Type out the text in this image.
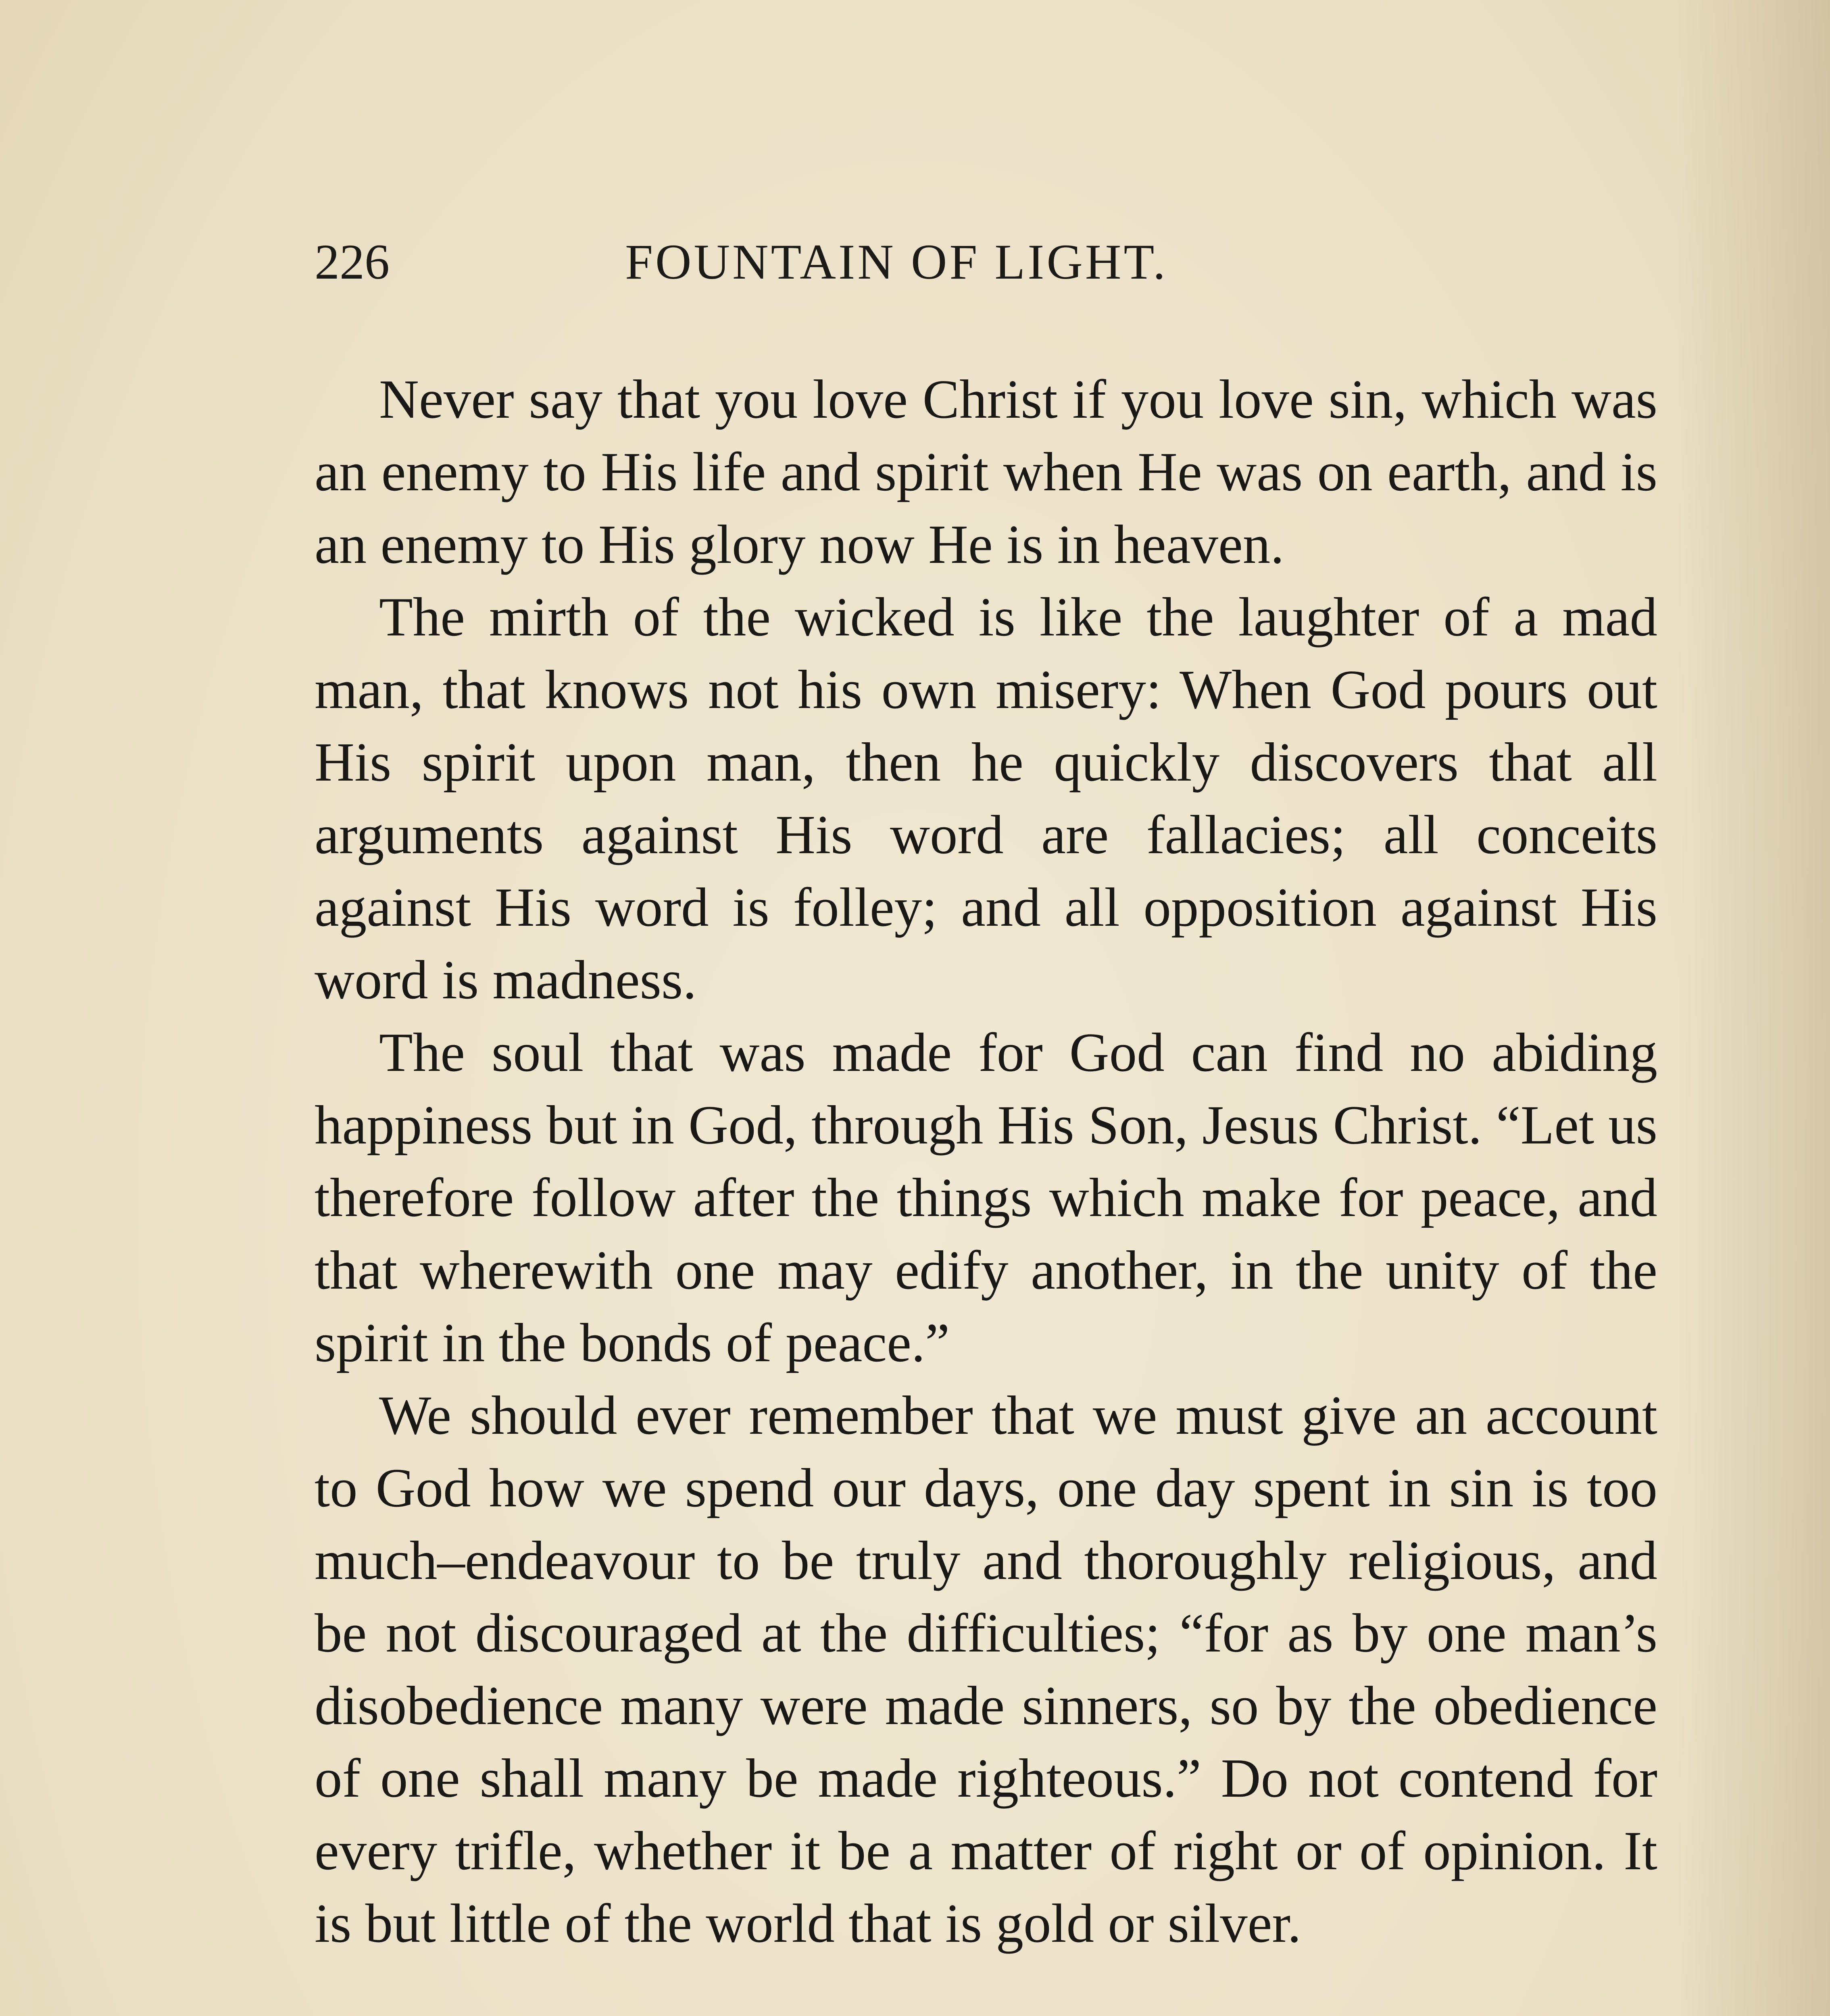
226	FOUNTAIN OF LIGHT.

Never say that you love Christ if you love sin, which was an enemy to His life and spirit when He was on earth, and is an enemy to His glory now He is in heaven.

The mirth of the wicked is like the laughter of a mad man, that knows not his own misery: When God pours out His spirit upon man, then he quickly discovers that all arguments against His word are fallacies; all conceits against His word is folley; and all opposition against His word is madness.

The soul that was made for God can find no abiding happiness but in God, through His Son, Jesus Christ. “Let us therefore follow after the things which make for peace, and that wherewith one may edify another, in the unity of the spirit in the bonds of peace.”

We should ever remember that we must give an account to God how we spend our days, one day spent in sin is too much–endeavour to be truly and thoroughly religious, and be not discouraged at the difficulties; “for as by one man’s disobedience many were made sinners, so by the obedience of one shall many be made righteous.” Do not contend for every trifle, whether it be a matter of right or of opinion. It is but little of the world that is gold or silver.
